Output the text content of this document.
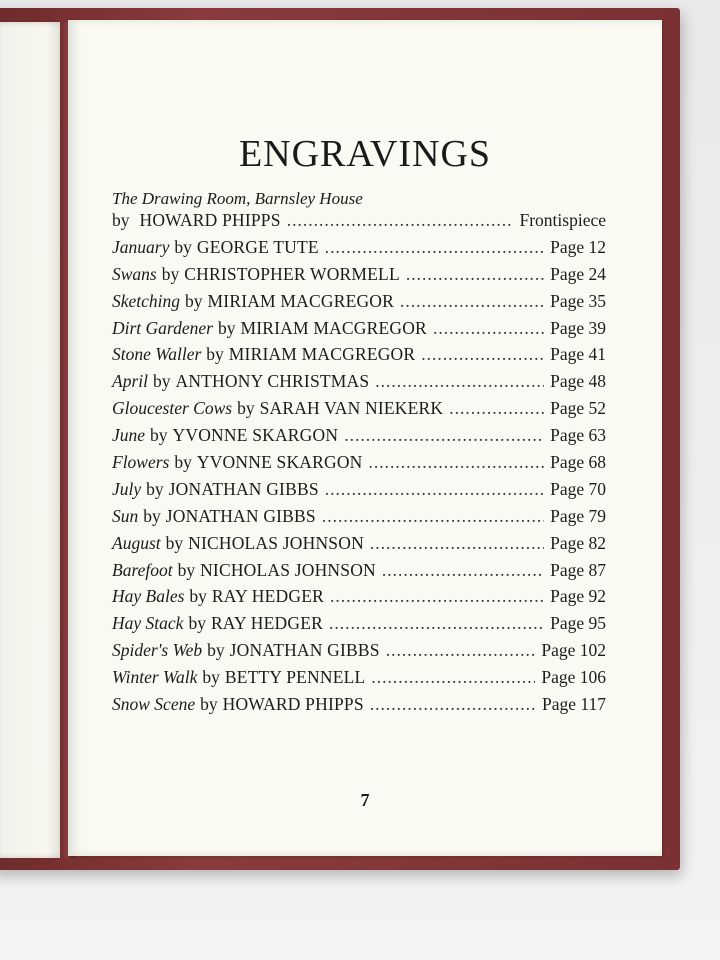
ENGRAVINGS
The Drawing Room, Barnsley House
by HOWARD PHIPPS .....	Frontispiece
January by GEORGE TUTE .....	Page 12
Swans by CHRISTOPHER WORMELL .....	Page 24
Sketching by MIRIAM MACGREGOR .....	Page 35
Dirt Gardener by MIRIAM MACGREGOR .....	Page 39
Stone Waller by MIRIAM MACGREGOR .....	Page 41
April by ANTHONY CHRISTMAS .....	Page 48
Gloucester Cows by SARAH VAN NIEKERK .....	Page 52
June by YVONNE SKARGON .....	Page 63
Flowers by YVONNE SKARGON .....	Page 68
July by JONATHAN GIBBS .....	Page 70
Sun by JONATHAN GIBBS .....	Page 79
August by NICHOLAS JOHNSON .....	Page 82
Barefoot by NICHOLAS JOHNSON .....	Page 87
Hay Bales by RAY HEDGER .....	Page 92
Hay Stack by RAY HEDGER .....	Page 95
Spider's Web by JONATHAN GIBBS .....	Page 102
Winter Walk by BETTY PENNELL .....	Page 106
Snow Scene by HOWARD PHIPPS .....	Page 117
7
